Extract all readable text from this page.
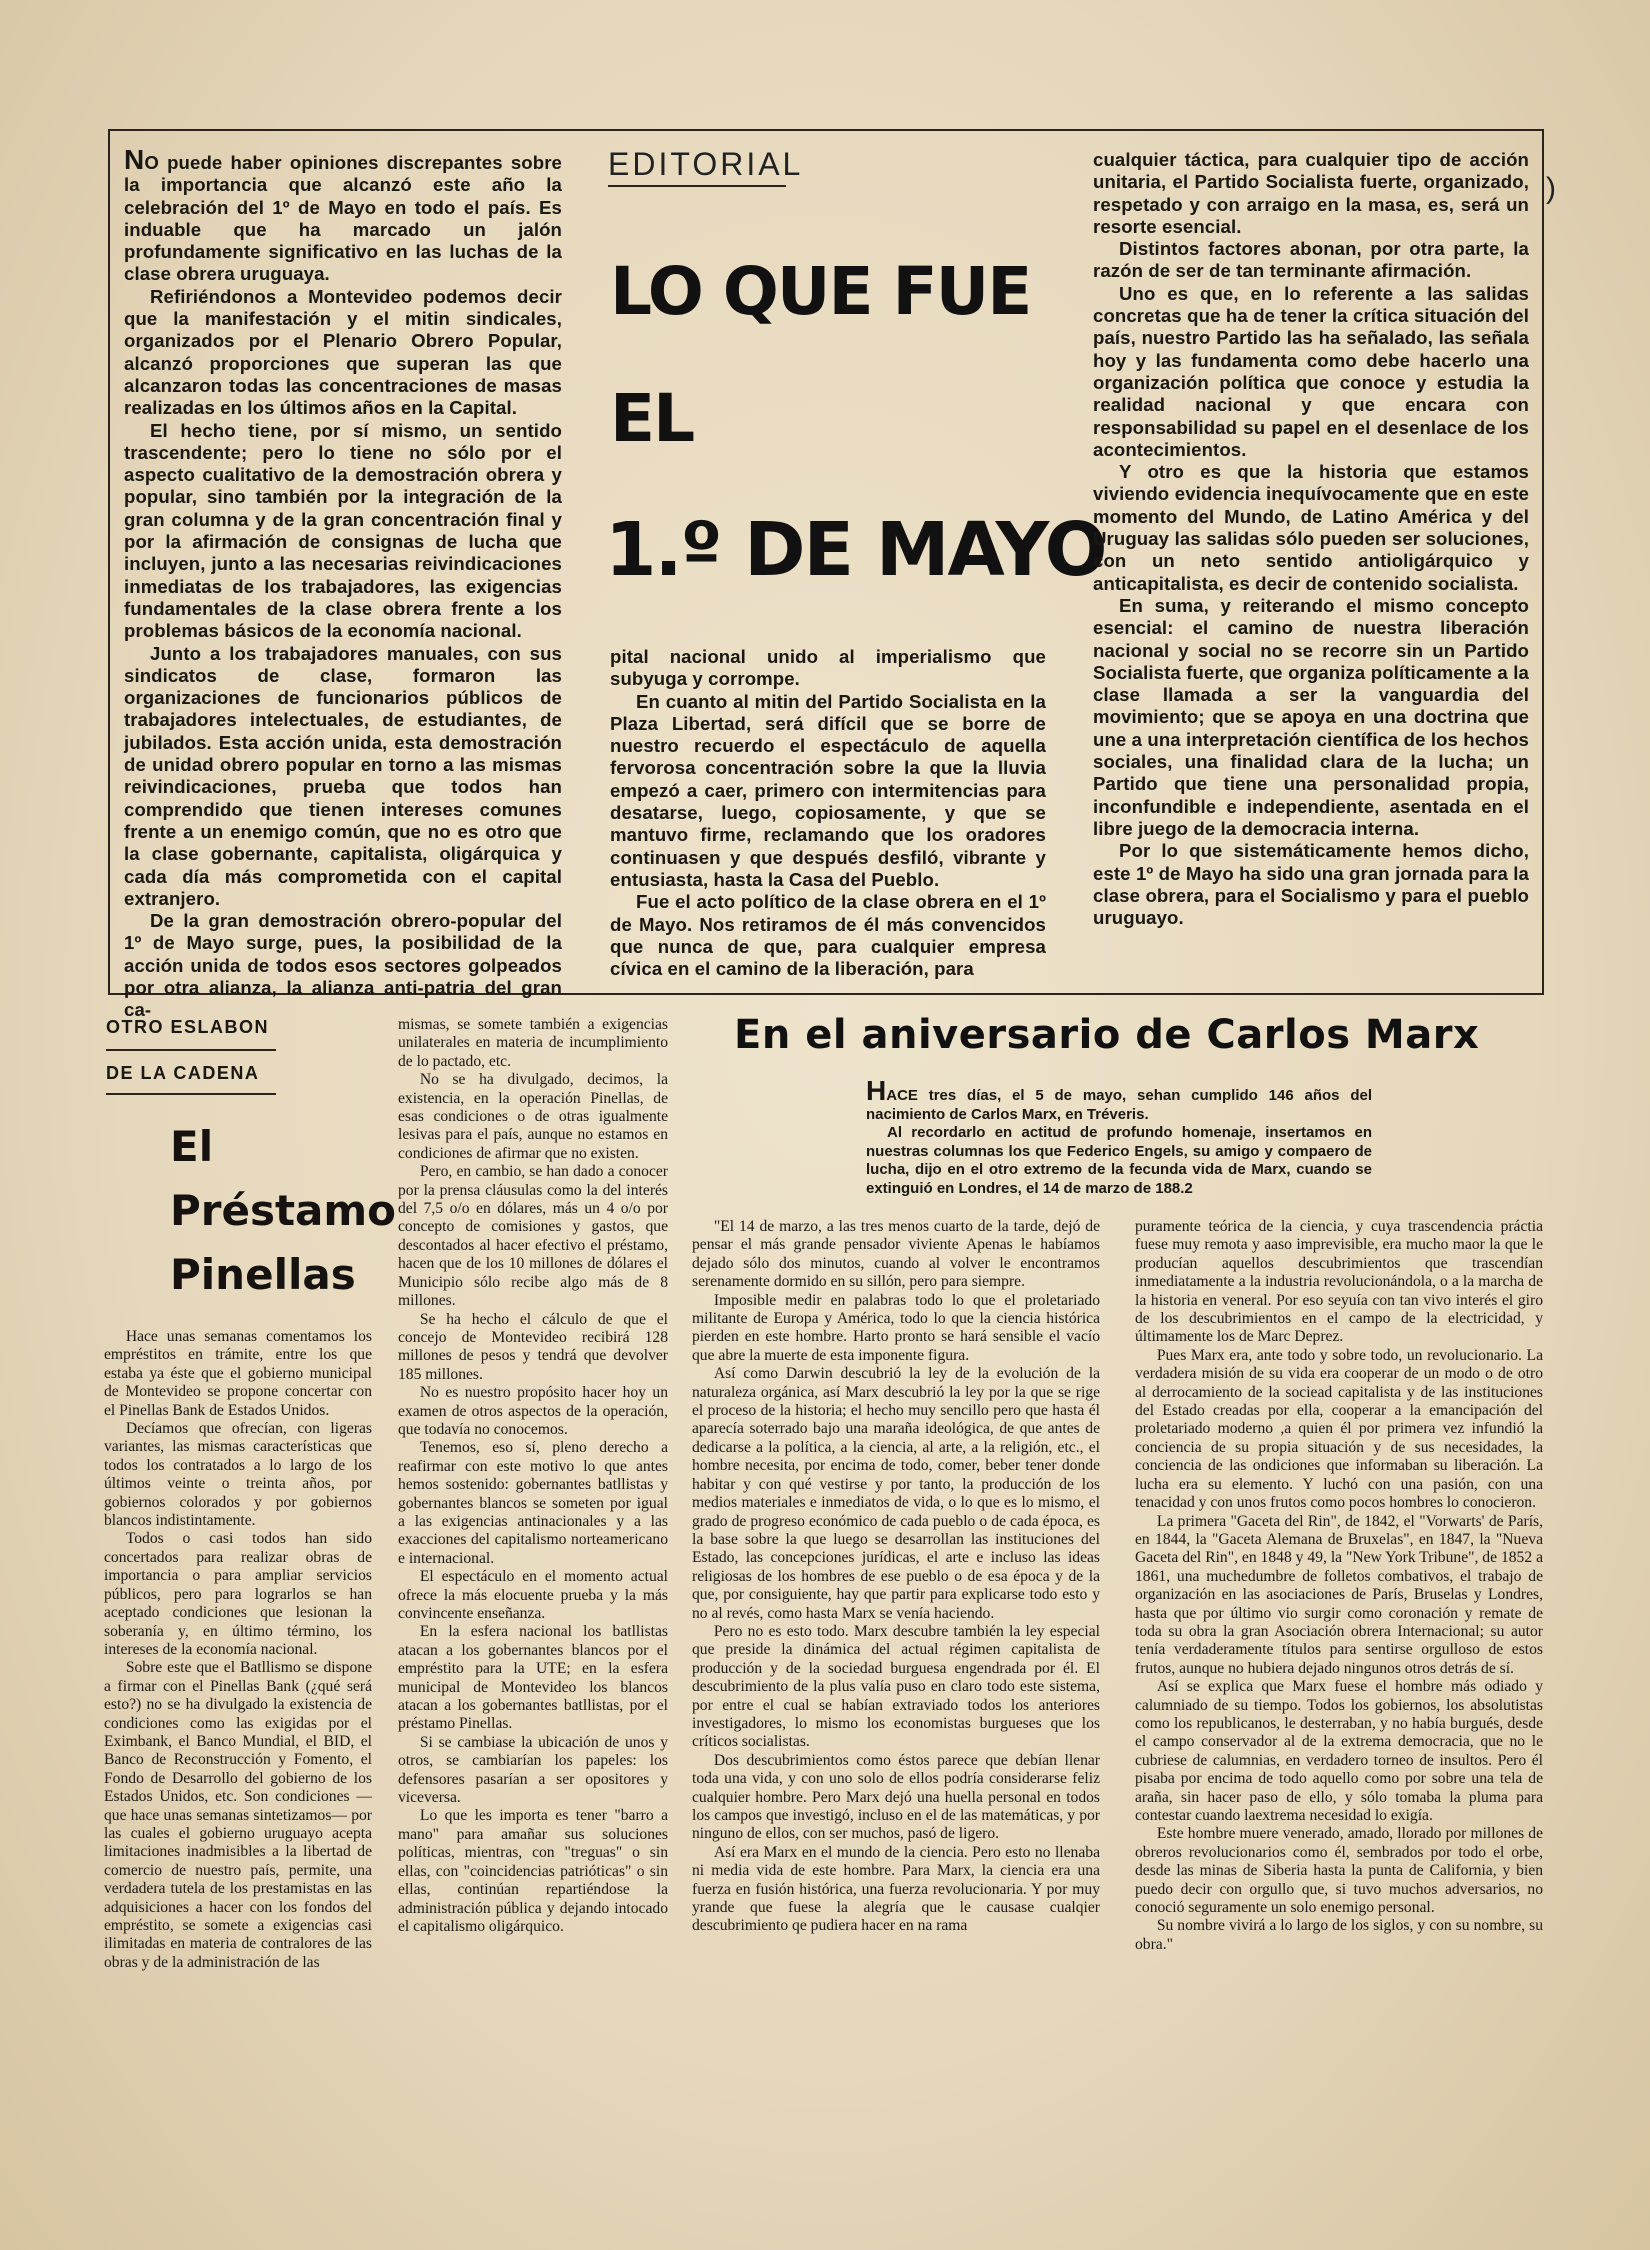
NO puede haber opiniones discrepantes sobre la importancia que alcanzó este año la celebración del 1º de Mayo en todo el país. Es induable que ha marcado un jalón profundamente significativo en las luchas de la clase obrera uruguaya.

Refiriéndonos a Montevideo podemos decir que la manifestación y el mitin sindicales, organizados por el Plenario Obrero Popular, alcanzó proporciones que superan las que alcanzaron todas las concentraciones de masas realizadas en los últimos años en la Capital.

El hecho tiene, por sí mismo, un sentido trascendente; pero lo tiene no sólo por el aspecto cualitativo de la demostración obrera y popular, sino también por la integración de la gran columna y de la gran concentración final y por la afirmación de consignas de lucha que incluyen, junto a las necesarias reivindicaciones inmediatas de los trabajadores, las exigencias fundamentales de la clase obrera frente a los problemas básicos de la economía nacional.

Junto a los trabajadores manuales, con sus sindicatos de clase, formaron las organizaciones de funcionarios públicos de trabajadores intelectuales, de estudiantes, de jubilados. Esta acción unida, esta demostración de unidad obrero popular en torno a las mismas reivindicaciones, prueba que todos han comprendido que tienen intereses comunes frente a un enemigo común, que no es otro que la clase gobernante, capitalista, oligárquica y cada día más comprometida con el capital extranjero.

De la gran demostración obrero-popular del 1º de Mayo surge, pues, la posibilidad de la acción unida de todos esos sectores golpeados por otra alianza, la alianza anti-patria del gran ca-

EDITORIAL
LO QUE FUE
EL
1.º DE MAYO

pital nacional unido al imperialismo que subyuga y corrompe.

En cuanto al mitin del Partido Socialista en la Plaza Libertad, será difícil que se borre de nuestro recuerdo el espectáculo de aquella fervorosa concentración sobre la que la lluvia empezó a caer, primero con intermitencias para desatarse, luego, copiosamente, y que se mantuvo firme, reclamando que los oradores continuasen y que después desfiló, vibrante y entusiasta, hasta la Casa del Pueblo.

Fue el acto político de la clase obrera en el 1º de Mayo. Nos retiramos de él más convencidos que nunca de que, para cualquier empresa cívica en el camino de la liberación, para

cualquier táctica, para cualquier tipo de acción unitaria, el Partido Socialista fuerte, organizado, respetado y con arraigo en la masa, es, será un resorte esencial.

Distintos factores abonan, por otra parte, la razón de ser de tan terminante afirmación.

Uno es que, en lo referente a las salidas concretas que ha de tener la crítica situación del país, nuestro Partido las ha señalado, las señala hoy y las fundamenta como debe hacerlo una organización política que conoce y estudia la realidad nacional y que encara con responsabilidad su papel en el desenlace de los acontecimientos.

Y otro es que la historia que estamos viviendo evidencia inequívocamente que en este momento del Mundo, de Latino América y del Uruguay las salidas sólo pueden ser soluciones, con un neto sentido antioligárquico y anticapitalista, es decir de contenido socialista.

En suma, y reiterando el mismo concepto esencial: el camino de nuestra liberación nacional y social no se recorre sin un Partido Socialista fuerte, que organiza políticamente a la clase llamada a ser la vanguardia del movimiento; que se apoya en una doctrina que une a una interpretación científica de los hechos sociales, una finalidad clara de la lucha; un Partido que tiene una personalidad propia, inconfundible e independiente, asentada en el libre juego de la democracia interna.

Por lo que sistemáticamente hemos dicho, este 1º de Mayo ha sido una gran jornada para la clase obrera, para el Socialismo y para el pueblo uruguayo.

)
OTRO ESLABON
DE LA CADENA
El
Préstamo
Pinellas

Hace unas semanas comentamos los empréstitos en trámite, entre los que estaba ya éste que el gobierno municipal de Montevideo se propone concertar con el Pinellas Bank de Estados Unidos.

Decíamos que ofrecían, con ligeras variantes, las mismas características que todos los contratados a lo largo de los últimos veinte o treinta años, por gobiernos colorados y por gobiernos blancos indistintamente.

Todos o casi todos han sido concertados para realizar obras de importancia o para ampliar servicios públicos, pero para lograrlos se han aceptado condiciones que lesionan la soberanía y, en último término, los intereses de la economía nacional.

Sobre este que el Batllismo se dispone a firmar con el Pinellas Bank (¿qué será esto?) no se ha divulgado la existencia de condiciones como las exigidas por el Eximbank, el Banco Mundial, el BID, el Banco de Reconstrucción y Fomento, el Fondo de Desarrollo del gobierno de los Estados Unidos, etc. Son condiciones —que hace unas semanas sintetizamos— por las cuales el gobierno uruguayo acepta limitaciones inadmisibles a la libertad de comercio de nuestro país, permite, una verdadera tutela de los prestamistas en las adquisiciones a hacer con los fondos del empréstito, se somete a exigencias casi ilimitadas en materia de contralores de las obras y de la administración de las

mismas, se somete también a exigencias unilaterales en materia de incumplimiento de lo pactado, etc.

No se ha divulgado, decimos, la existencia, en la operación Pinellas, de esas condiciones o de otras igualmente lesivas para el país, aunque no estamos en condiciones de afirmar que no existen.

Pero, en cambio, se han dado a conocer por la prensa cláusulas como la del interés del 7,5 o/o en dólares, más un 4 o/o por concepto de comisiones y gastos, que descontados al hacer efectivo el préstamo, hacen que de los 10 millones de dólares el Municipio sólo recibe algo más de 8 millones.

Se ha hecho el cálculo de que el concejo de Montevideo recibirá 128 millones de pesos y tendrá que devolver 185 millones.

No es nuestro propósito hacer hoy un examen de otros aspectos de la operación, que todavía no conocemos.

Tenemos, eso sí, pleno derecho a reafirmar con este motivo lo que antes hemos sostenido: gobernantes batllistas y gobernantes blancos se someten por igual a las exigencias antinacionales y a las exacciones del capitalismo norteamericano e internacional.

El espectáculo en el momento actual ofrece la más elocuente prueba y la más convincente enseñanza.

En la esfera nacional los batllistas atacan a los gobernantes blancos por el empréstito para la UTE; en la esfera municipal de Montevideo los blancos atacan a los gobernantes batllistas, por el préstamo Pinellas.

Si se cambiase la ubicación de unos y otros, se cambiarían los papeles: los defensores pasarían a ser opositores y viceversa.

Lo que les importa es tener "barro a mano" para amañar sus soluciones políticas, mientras, con "treguas" o sin ellas, con "coincidencias patrióticas" o sin ellas, continúan repartiéndose la administración pública y dejando intocado el capitalismo oligárquico.

En el aniversario de Carlos Marx

HACE tres días, el 5 de mayo, sehan cumplido 146 años del nacimiento de Carlos Marx, en Tréveris.

Al recordarlo en actitud de profundo homenaje, insertamos en nuestras columnas los que Federico Engels, su amigo y compaero de lucha, dijo en el otro extremo de la fecunda vida de Marx, cuando se extinguió en Londres, el 14 de marzo de 188.2

"El 14 de marzo, a las tres menos cuarto de la tarde, dejó de pensar el más grande pensador viviente Apenas le habíamos dejado sólo dos minutos, cuando al volver le encontramos serenamente dormido en su sillón, pero para siempre.

Imposible medir en palabras todo lo que el proletariado militante de Europa y América, todo lo que la ciencia histórica pierden en este hombre. Harto pronto se hará sensible el vacío que abre la muerte de esta imponente figura.

Así como Darwin descubrió la ley de la evolución de la naturaleza orgánica, así Marx descubrió la ley por la que se rige el proceso de la historia; el hecho muy sencillo pero que hasta él aparecía soterrado bajo una maraña ideológica, de que antes de dedicarse a la política, a la ciencia, al arte, a la religión, etc., el hombre necesita, por encima de todo, comer, beber tener donde habitar y con qué vestirse y por tanto, la producción de los medios materiales e inmediatos de vida, o lo que es lo mismo, el grado de progreso económico de cada pueblo o de cada época, es la base sobre la que luego se desarrollan las instituciones del Estado, las concepciones jurídicas, el arte e incluso las ideas religiosas de los hombres de ese pueblo o de esa época y de la que, por consiguiente, hay que partir para explicarse todo esto y no al revés, como hasta Marx se venía haciendo.

Pero no es esto todo. Marx descubre también la ley especial que preside la dinámica del actual régimen capitalista de producción y de la sociedad burguesa engendrada por él. El descubrimiento de la plus valía puso en claro todo este sistema, por entre el cual se habían extraviado todos los anteriores investigadores, lo mismo los economistas burgueses que los críticos socialistas.

Dos descubrimientos como éstos parece que debían llenar toda una vida, y con uno solo de ellos podría considerarse feliz cualquier hombre. Pero Marx dejó una huella personal en todos los campos que investigó, incluso en el de las matemáticas, y por ninguno de ellos, con ser muchos, pasó de ligero.

Así era Marx en el mundo de la ciencia. Pero esto no llenaba ni media vida de este hombre. Para Marx, la ciencia era una fuerza en fusión histórica, una fuerza revolucionaria. Y por muy yrande que fuese la alegría que le causase cualqier descubrimiento qe pudiera hacer en na rama

puramente teórica de la ciencia, y cuya trascendencia práctia fuese muy remota y aaso imprevisible, era mucho maor la que le producían aquellos descubrimientos que trascendían inmediatamente a la industria revolucionándola, o a la marcha de la historia en veneral. Por eso seyuía con tan vivo interés el giro de los descubrimientos en el campo de la electricidad, y últimamente los de Marc Deprez.

Pues Marx era, ante todo y sobre todo, un revolucionario. La verdadera misión de su vida era cooperar de un modo o de otro al derrocamiento de la sociead capitalista y de las instituciones del Estado creadas por ella, cooperar a la emancipación del proletariado moderno ,a quien él por primera vez infundió la conciencia de su propia situación y de sus necesidades, la conciencia de las ondiciones que informaban su liberación. La lucha era su elemento. Y luchó con una pasión, con una tenacidad y con unos frutos como pocos hombres lo conocieron.

La primera "Gaceta del Rin", de 1842, el "Vorwarts' de París, en 1844, la "Gaceta Alemana de Bruxelas", en 1847, la "Nueva Gaceta del Rin", en 1848 y 49, la "New York Tribune", de 1852 a 1861, una muchedumbre de folletos combativos, el trabajo de organización en las asociaciones de París, Bruselas y Londres, hasta que por último vio surgir como coronación y remate de toda su obra la gran Asociación obrera Internacional; su autor tenía verdaderamente títulos para sentirse orgulloso de estos frutos, aunque no hubiera dejado ningunos otros detrás de sí.

Así se explica que Marx fuese el hombre más odiado y calumniado de su tiempo. Todos los gobiernos, los absolutistas como los republicanos, le desterraban, y no había burgués, desde el campo conservador al de la extrema democracia, que no le cubriese de calumnias, en verdadero torneo de insultos. Pero él pisaba por encima de todo aquello como por sobre una tela de araña, sin hacer paso de ello, y sólo tomaba la pluma para contestar cuando laextrema necesidad lo exigía.

Este hombre muere venerado, amado, llorado por millones de obreros revolucionarios como él, sembrados por todo el orbe, desde las minas de Siberia hasta la punta de California, y bien puedo decir con orgullo que, si tuvo muchos adversarios, no conoció seguramente un solo enemigo personal.

Su nombre vivirá a lo largo de los siglos, y con su nombre, su obra."
